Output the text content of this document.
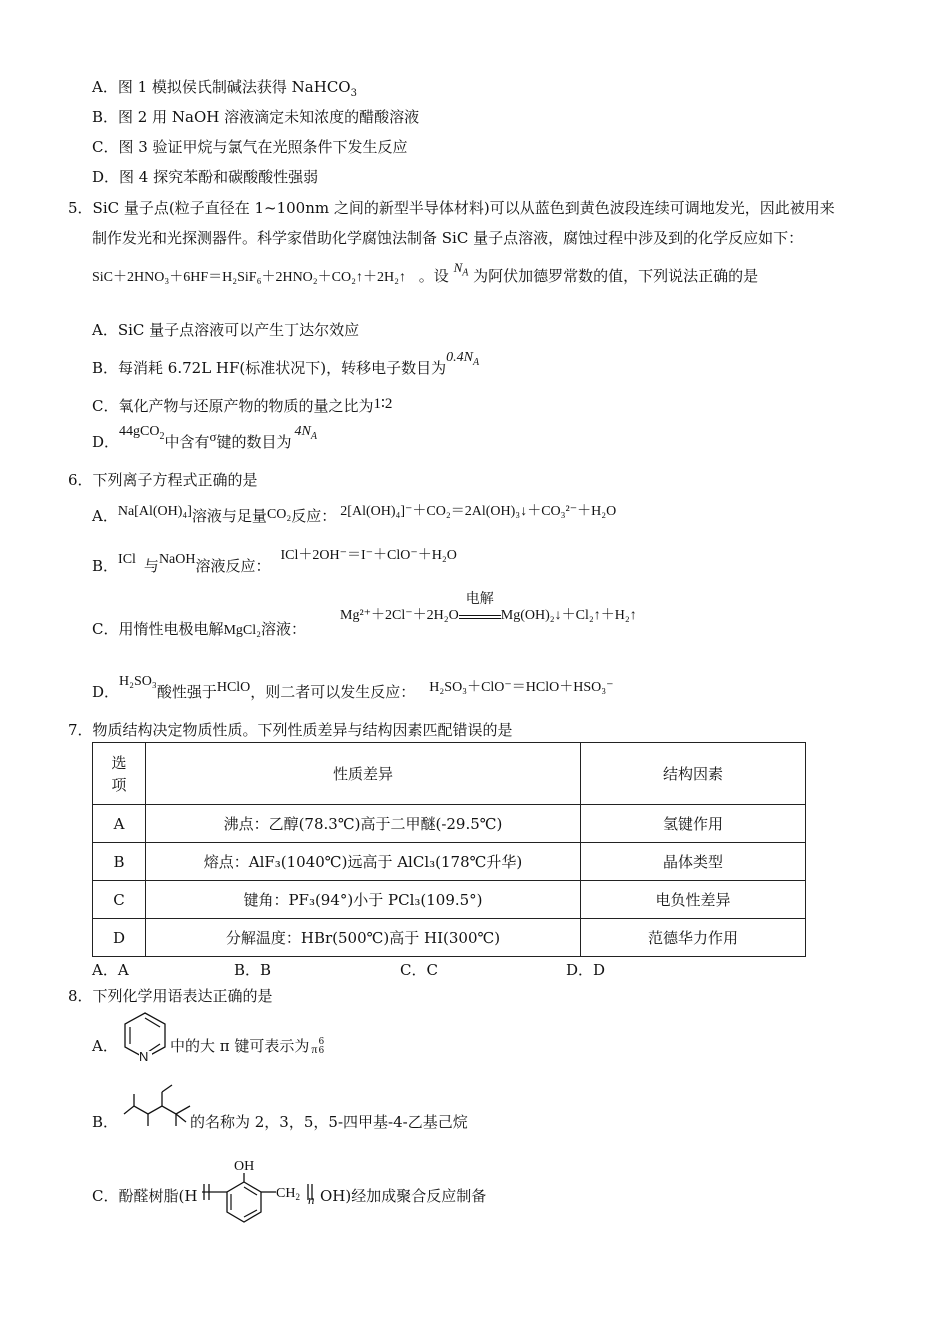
A．图 1 模拟侯氏制碱法获得 NaHCO$_3$
B．图 2 用 NaOH 溶液滴定未知浓度的醋酸溶液
C．图 3 验证甲烷与氯气在光照条件下发生反应
D．图 4 探究苯酚和碳酸酸性强弱
5．SiC 量子点(粒子直径在 1~100nm 之间的新型半导体材料)可以从蓝色到黄色波段连续可调地发光，因此被用来
制作发光和光探测器件。科学家借助化学腐蚀法制备 SiC 量子点溶液，腐蚀过程中涉及到的化学反应如下：
SiC＋2HNO₃＋6HF＝H₂SiF₆＋2HNO₂＋CO₂↑＋2H₂↑ 。设 $N_A$ 为阿伏加德罗常数的值，下列说法正确的是
A．SiC 量子点溶液可以产生丁达尔效应
B．每消耗 6.72L HF(标准状况下)，转移电子数目为$0.4N_A$
C．氧化产物与还原产物的物质的量之比为1∶2
D．44gCO$_2$中含有σ键的数目为$4N_A$
6．下列离子方程式正确的是
A．Na[Al(OH)₄]溶液与足量CO₂反应： 2[Al(OH)₄]⁻＋CO₂＝2Al(OH)₃↓＋CO₃²⁻＋H₂O
B．ICl 与NaOH溶液反应：ICl＋2OH⁻＝I⁻＋ClO⁻＋H₂O
C．用惰性电极电解MgCl₂溶液：
Mg²⁺＋2Cl⁻＋2H₂O
电解
Mg(OH)₂↓＋Cl₂↑＋H₂↑
D．H₂SO₃酸性强于HClO，则二者可以发生反应： H₂SO₃＋ClO⁻＝HClO＋HSO₃⁻
7．物质结构决定物质性质。下列性质差异与结构因素匹配错误的是
选
项	性质差异	结构因素
A	沸点：乙醇(78.3℃)高于二甲醚(-29.5℃)	氢键作用
B	熔点：AlF₃(1040℃)远高于 AlCl₃(178℃升华)	晶体类型
C	键角：PF₃(94°)小于 PCl₃(109.5°)	电负性差异
D	分解温度：HBr(500℃)高于 HI(300℃)	范德华力作用
A．A	B．B	C．C	D．D
8．下列化学用语表达正确的是
A．
N
中的大 π 键可表示为 π6
6
B．	的名称为 2，3，5，5-四甲基-4-乙基己烷
C．酚醛树脂(H
OH
$CH_2$ n OH)经加成聚合反应制备
